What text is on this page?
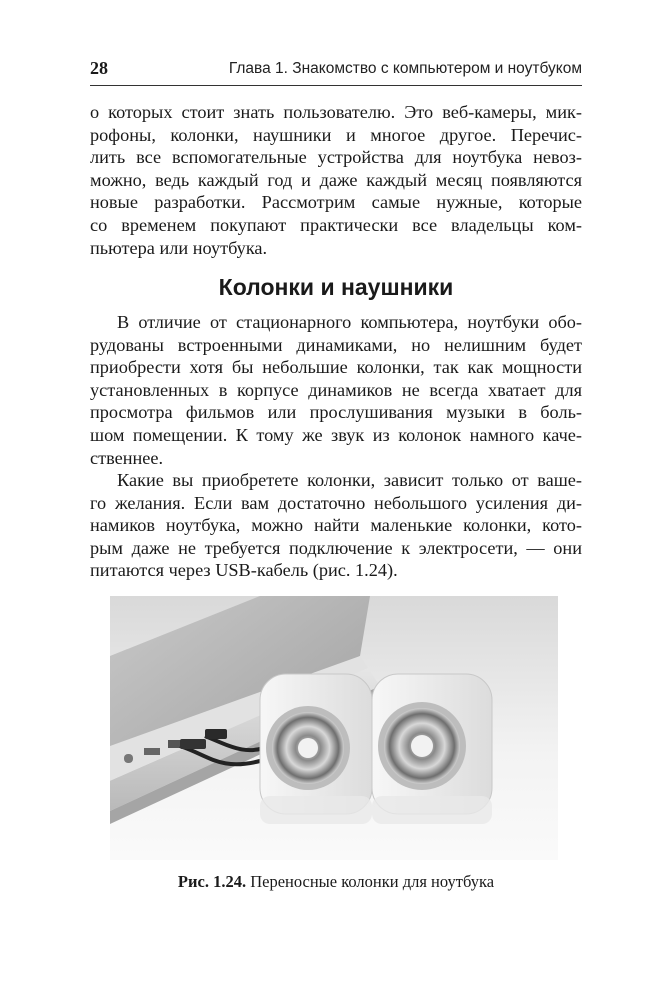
28	Глава 1. Знакомство с компьютером и ноутбуком
о которых стоит знать пользователю. Это веб-камеры, мик-
рофоны, колонки, наушники и многое другое. Перечис-
лить все вспомогательные устройства для ноутбука невоз-
можно, ведь каждый год и даже каждый месяц появляются
новые разработки. Рассмотрим самые нужные, которые
со временем покупают практически все владельцы ком-
пьютера или ноутбука.
Колонки и наушники
В отличие от стационарного компьютера, ноутбуки обо-
рудованы встроенными динамиками, но нелишним будет
приобрести хотя бы небольшие колонки, так как мощности
установленных в корпусе динамиков не всегда хватает для
просмотра фильмов или прослушивания музыки в боль-
шом помещении. К тому же звук из колонок намного каче-
ственнее.
Какие вы приобретете колонки, зависит только от ваше-
го желания. Если вам достаточно небольшого усиления ди-
намиков ноутбука, можно найти маленькие колонки, кото-
рым даже не требуется подключение к электросети, — они
питаются через USB-кабель (рис. 1.24).
Рис. 1.24. Переносные колонки для ноутбука
